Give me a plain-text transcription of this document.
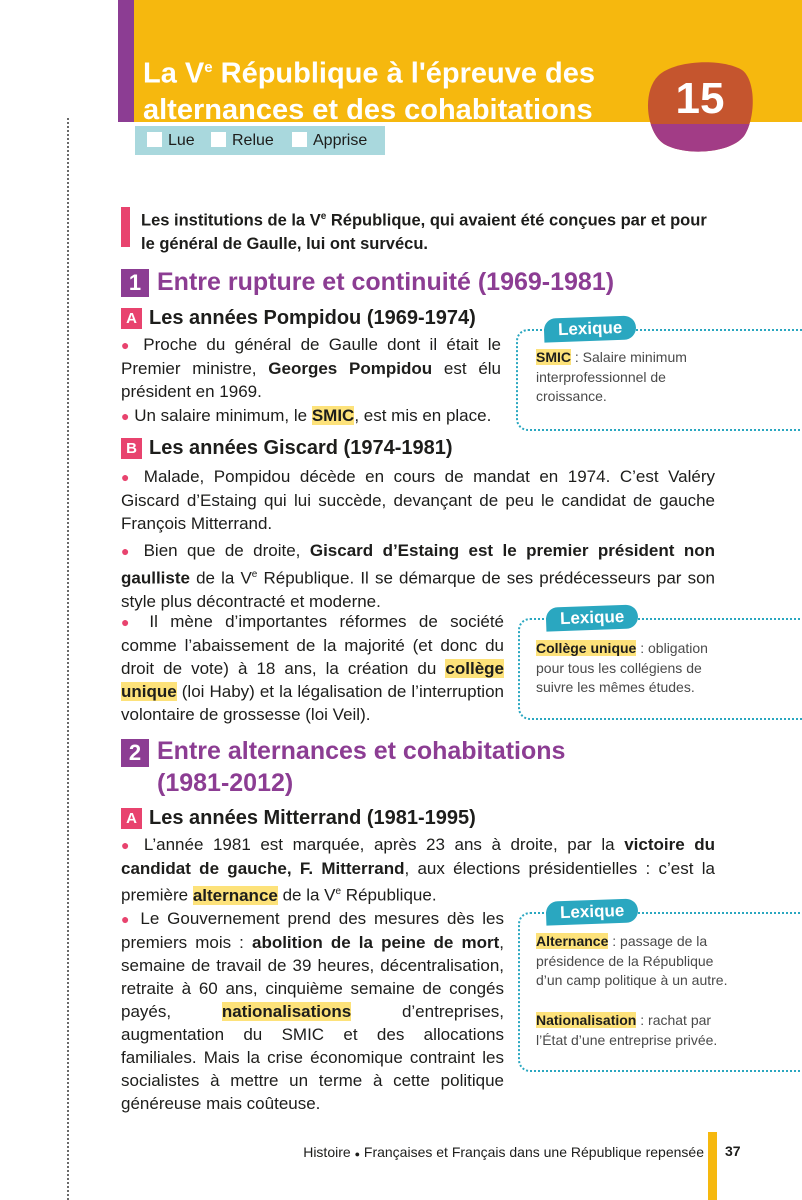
La Ve République à l'épreuve des
alternances et des cohabitations	15
Lue	Relue	Apprise

Les institutions de la Ve République, qui avaient été conçues par et pour le général de Gaulle, lui ont survécu.

1 Entre rupture et continuité (1969-1981)
A Les années Pompidou (1969-1974)

● Proche du général de Gaulle dont il était le Premier ministre, Georges Pompidou est élu président en 1969.

● Un salaire minimum, le SMIC, est mis en place.

Lexique

SMIC : Salaire minimum interprofessionnel de croissance.

B Les années Giscard (1974-1981)

● Malade, Pompidou décède en cours de mandat en 1974. C’est Valéry Giscard d’Estaing qui lui succède, devançant de peu le candidat de gauche François Mitterrand.

● Bien que de droite, Giscard d’Estaing est le premier président non gaulliste de la Ve République. Il se démarque de ses prédécesseurs par son style plus décontracté et moderne.

● Il mène d’importantes réformes de société comme l’abaissement de la majorité (et donc du droit de vote) à 18 ans, la création du collège unique (loi Haby) et la légalisation de l’interruption volontaire de grossesse (loi Veil).

Lexique

Collège unique : obligation pour tous les collégiens de suivre les mêmes études.

2 Entre alternances et cohabitations
(1981-2012)
A Les années Mitterrand (1981-1995)

● L’année 1981 est marquée, après 23 ans à droite, par la victoire du candidat de gauche, F. Mitterrand, aux élections présidentielles : c’est la première alternance de la Ve République.

● Le Gouvernement prend des mesures dès les premiers mois : abolition de la peine de mort, semaine de travail de 39 heures, décentralisation, retraite à 60 ans, cinquième semaine de congés payés, nationalisations d’entreprises, augmentation du SMIC et des allocations familiales. Mais la crise économique contraint les socialistes à mettre un terme à cette politique généreuse mais coûteuse.

Lexique

Alternance : passage de la présidence de la République d’un camp politique à un autre.

Nationalisation : rachat par l’État d’une entreprise privée.

Histoire ● Françaises et Français dans une République repensée 37
